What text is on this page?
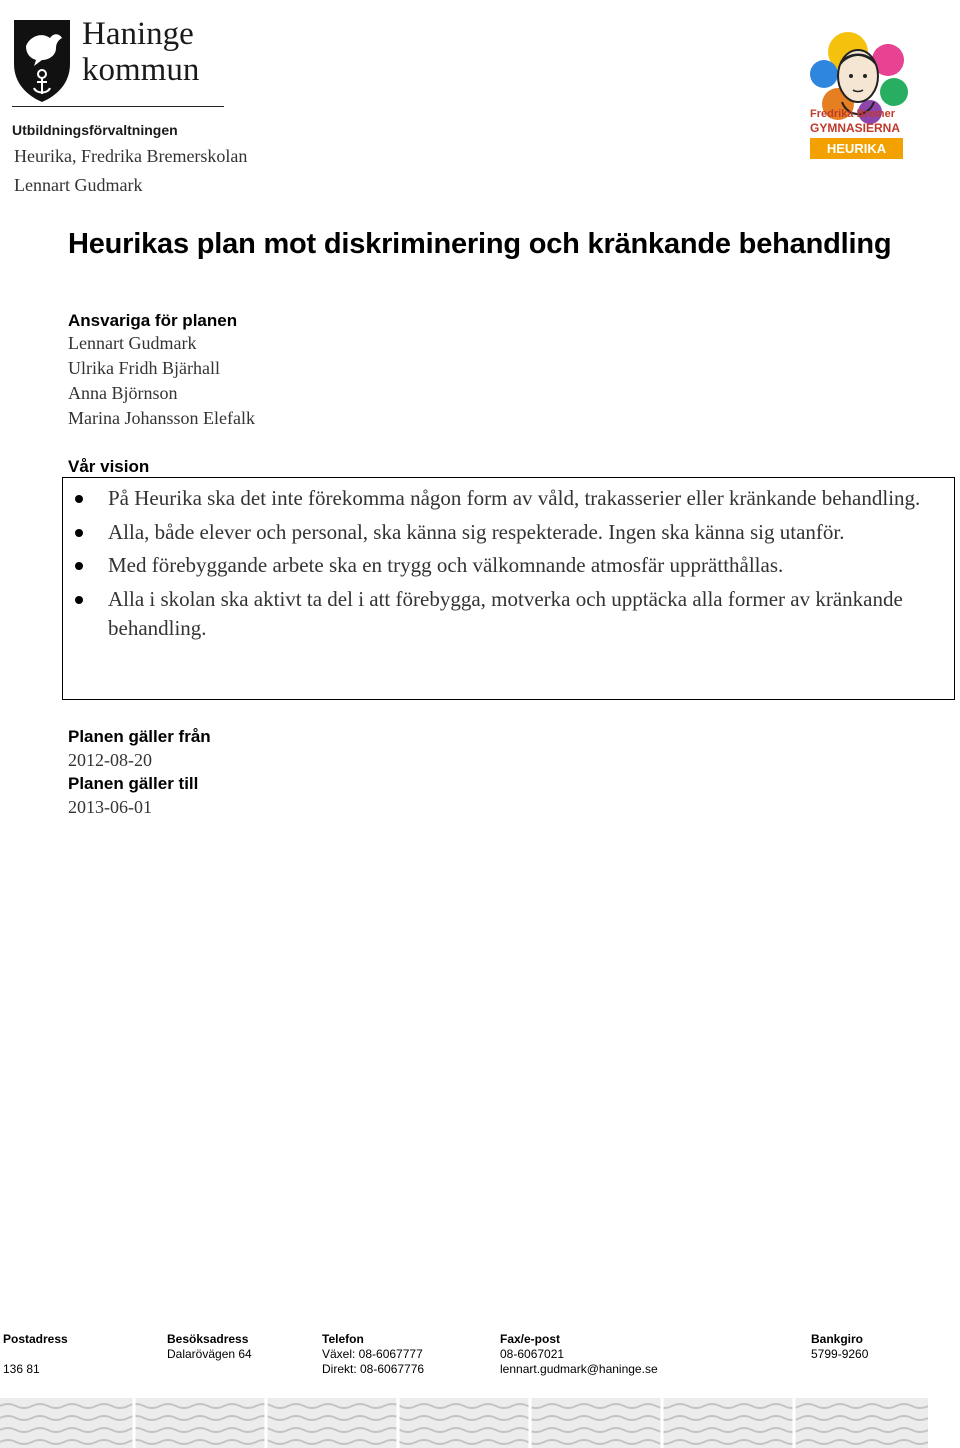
Haninge
kommun
Utbildningsförvaltningen
Heurika, Fredrika Bremerskolan
Lennart Gudmark
Fredrika Bremer
GYMNASIERNA
HEURIKA
Heurikas plan mot diskriminering och kränkande behandling
Ansvariga för planen
Lennart Gudmark
Ulrika Fridh Bjärhall
Anna Björnson
Marina Johansson Elefalk
Vår vision
På Heurika ska det inte förekomma någon form av våld, trakasserier eller kränkande behandling.
Alla, både elever och personal, ska känna sig respekterade. Ingen ska känna sig utanför.
Med förebyggande arbete ska en trygg och välkomnande atmosfär upprätthållas.
Alla i skolan ska aktivt ta del i att förebygga, motverka och upptäcka alla former av kränkande behandling.
Planen gäller från
2012-08-20
Planen gäller till
2013-06-01
Postadress
136 81
Besöksadress
Dalarövägen 64
Telefon
Växel: 08-6067777
Direkt: 08-6067776
Fax/e-post
08-6067021
lennart.gudmark@haninge.se
Bankgiro
5799-9260
